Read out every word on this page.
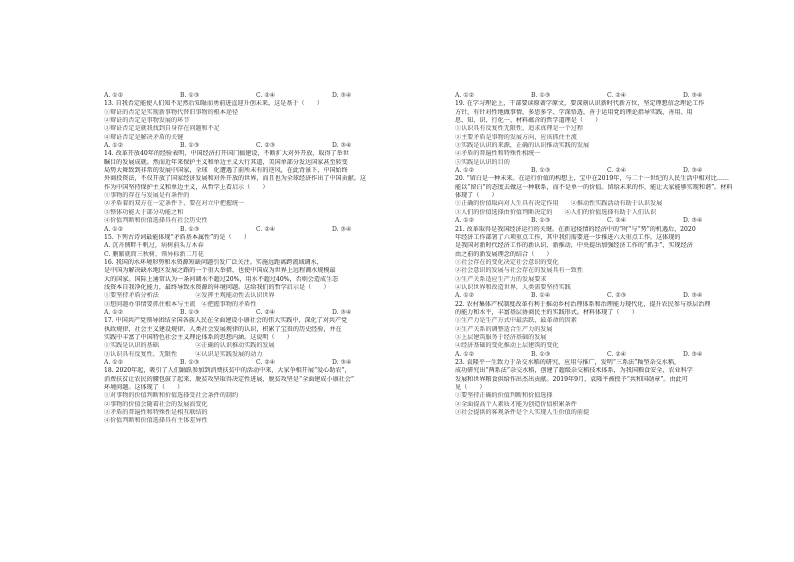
A. ①②	B. ①③	C. ②④	D. ③④
13. 自我否定能使人们知不足然后知耻而勇前进直迎升创未来，这是基于（　　）
①辩证的否定是实现新事物代替旧事物的根本途径
②辩证的否定是事物发展的环节
③辩证否定是就我找到自身存在问题和不足
④辩证否定是解决矛盾的关键
A. ①②	B. ①③	C. ②③	D. ③④
14. 改革开放40年的经验表明，中国经济打开国门搞建设，不断扩大对外开放，取得了举世
瞩目的发展成就。然而近年来保护主义和单边主义大行其道，美国单部分发达国家甚至转变
局势大舞致到非常的发展中国家，全球　化遭遇了前所未有的逆风，在此背景下，中国始终
外商投资法，不仅开放了国家经济发展和对外开放的世界，而且也为全球经济作出了中国贡献。这
作为中国坚持保护主义和单边主义，从哲学上看启示（　　）
①事物的存在与发展是有条件的
②矛盾着的双方在一定条件下，要在对立中把握统一
③整体功能大于部分功能之和
④价值判断和价值选择具有社会历史性
A. ①②	B. ①③	C. ②④	D. ③④
15. 下列古诗词最能体现“矛盾基本属性”的是（　　）
A. 沉舟侧畔千帆过，病树前头万木春
C. 删繁就简三秋树，领异标新二月花
16. 我国的水环境形势和水资源短缺问题引发广泛关注。实施远距离跨流域调水，
是中国为解决缺水地区发展之路的一个重大举措，也使中国成为世界上远程调水规模最
大的国家。国际上通常认为一条河调水不超过20%，用水不超过40%，否则会造成生态
浅资本自我净化能力，最终导致水资源的环境问题。这给我们的哲学启示是（　　）
①要坚持矛盾分析法　　　　　　②发挥主观能动性去认识世界
③想问题办事情要抓住根本与主流　④把握事物的矛盾性
A. ①②	B. ①③	C. ②④	D. ③④
17. 中国共产党领导团结全国各族人民在全面建设小康社会的伟大实践中，深化了对共产党
执政规律、社会主义建设规律、人类社会发展规律的认识，积累了宝贵的历史经验，并在
实践中丰富了中国特色社会主义理论体系的思想内涵。这说明（　　）
①实践是认识的基础　　　　　　②正确的认识推动实践的发展
③认识具有反复性、无限性　　　④认识是实践发展的动力
A. ①②	B. ①③	C. ②④	D. ③④
18. 2020年起，吸引了人们踊跃参加到消费扶贫中的活动中来，大家争相开展“爱心助农”，
消费扶贫让农民的腰包鼓了起来，脱贫攻坚取得决定性进展，脱贫攻坚是“全面建成小康社会”
环境问题。这体现了（　　）
①对事物的价值判断和价值选择受社会条件的制约
②事物的价值会随着社会的发展而变化
③矛盾的普遍性和特殊性是相互联结的
④价值判断和价值选择具有主体差异性
A. ①②	B. ①③	C. ②④	D. ③④
19. 在学习理论上，干部要读原著学原文，要深刻认识新时代新方位，坚定理想信念理论工作
方针，有针对性地做事情，多思多学、学深悟透，善于运用党的理论指导实践，善用、用
思、知、识、行化一、材料蕴含的哲学道理是（　　）
①认识具有反复性无限性，追求真理是一个过程
②主要矛盾是事物的发展方向，应该抓住主流
③实践是认识的来源，正确的认识推动实践的发展
④矛盾的普遍性和特殊性相统一
⑤实践是认识的目的
A. ①②	B. ①③	C. ②④	D. ③④
20. “留白是一种未来。在运行价值的构想上，宝中在2019年，与二十一世纪的人民生活中相对比……
能以“留白”的态度去做这一种联系，而不是单一的价值。留给未来的作，能让大家能够实现和谐”。材料
体现了（　　）
①正确的价值取向对人生具有决定作用　　②推动性实践活动有助于认识发展
③人们的价值选择由价值判断决定的　　④人们的价值选择有助于人们认识
A. ①②	B. ①③	C. ②④	D. ③④
21. 改革取得是我国经济运行的关键。在新冠疫情的经济中的“时”与“势”的机遇后，2020
年经济工作部署了六项重点工作，其中我们需要进一步推进六大重点工作，这体现的
是我国对新时代经济工作的新认识、新推动，中央提出加强经济工作的“抓手”，实现经济
由之前的新发展理念的结合（　　）
①社会存在的变化决定社会意识的变化
②社会意识的发展与社会存在的发展具有一致性
③生产关系适应生产力的发展要求
④认识世界和改造世界，人类需要坚持实践
A. ①②	B. ①④	C. ②③	D. ③④
22. 农村集体产权制度改革有利于推动乡村治理体系和治理能力现代化，提升农民参与基层治理
的能力和水平，丰富基层协商民主的实践形式。材料体现了（　　）
①生产力是生产方式中最活跃、最革命的因素
②生产关系的调整适合生产力的发展
③上层建筑服务于经济基础的发展
④经济基础的变化推动上层建筑的变化
A. ①②	B. ①③	C. ②④	D. ③④
23. 袁隆平一生致力于杂交水稻的研究、应用与推广，发明“三系法”籼型杂交水稻，
成功研究出“两系法”杂交水稻，创建了超级杂交稻技术体系，为我国粮食安全、农业科学
发展和世界粮食供给作出杰出贡献。2019年9月，袁隆平被授予“共和国勋章”。由此可
见（　　）
①要坚持正确的价值判断和价值选择
②全面提高个人素质才能为创造价值积累条件
③社会提供的客观条件是个人实现人生价值的前提
